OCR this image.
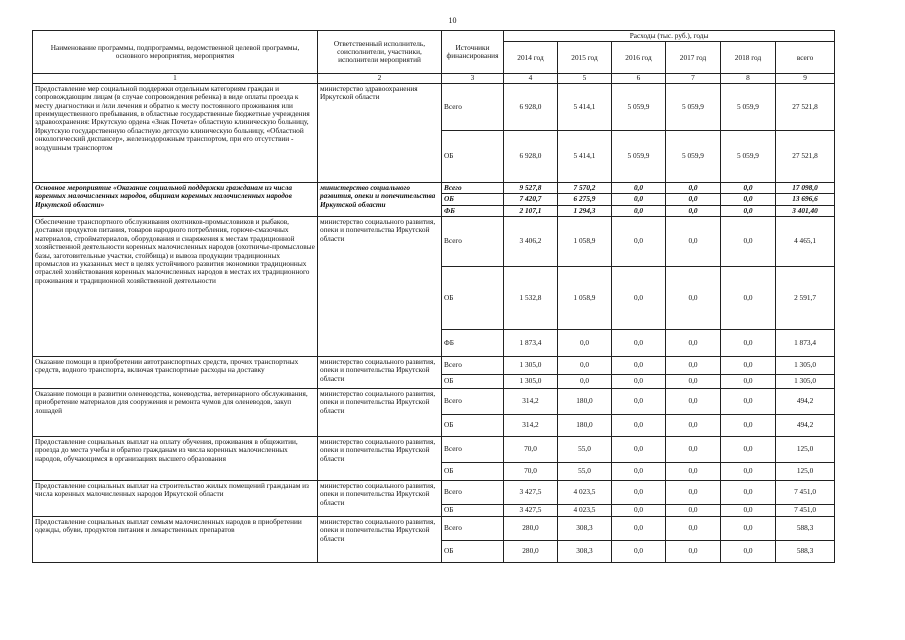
10
Наименование программы, подпрограммы, ведомственной целевой программы, основного мероприятия, мероприятия	Ответственный исполнитель, соисполнители, участники, исполнители мероприятий	Источники финансирования	Расходы (тыс. руб.), годы					
			2014 год	2015 год	2016 год	2017 год	2018 год	всего
1	2	3	4	5	6	7	8	9
Предоставление мер социальной поддержки отдельным категориям граждан и сопровождающим лицам (в случае сопровождения ребенка) в виде оплаты проезда к месту диагностики и /или лечения и обратно к месту постоянного проживания или преимущественного пребывания, в областные государственные бюджетные учреждения здравоохранения: Иркутскую ордена «Знак Почета» областную клиническую больницу, Иркутскую государственную областную детскую клиническую больницу, «Областной онкологический диспансер», железнодорожным транспортом, при его отсутствии - воздушным транспортом	министерство здравоохранения Иркутской области	Всего	6 928,0	5 414,1	5 059,9	5 059,9	5 059,9	27 521,8
		ОБ	6 928,0	5 414,1	5 059,9	5 059,9	5 059,9	27 521,8
Основное мероприятие «Оказание социальной поддержки гражданам из числа коренных малочисленных народов, общинам коренных малочисленных народов Иркутской области»	министерство социального развития, опеки и попечительства Иркутской области	Всего	9 527,8	7 570,2	0,0	0,0	0,0	17 098,0
		ОБ	7 420,7	6 275,9	0,0	0,0	0,0	13 696,6
		ФБ	2 107,1	1 294,3	0,0	0,0	0,0	3 401,40
Обеспечение транспортного обслуживания охотников-промысловиков и рыбаков, доставки продуктов питания, товаров народного потребления, горюче-смазочных материалов, стройматериалов, оборудования и снаряжения к местам традиционной хозяйственной деятельности коренных малочисленных народов (охотничье-промысловые базы, заготовительные участки, стойбища) и вывоза продукции традиционных промыслов из указанных мест в целях устойчивого развития экономики традиционных отраслей хозяйствования коренных малочисленных народов в местах их традиционного проживания и традиционной хозяйственной деятельности	министерство социального развития, опеки и попечительства Иркутской области	Всего	3 406,2	1 058,9	0,0	0,0	0,0	4 465,1
		ОБ	1 532,8	1 058,9	0,0	0,0	0,0	2 591,7
		ФБ	1 873,4	0,0	0,0	0,0	0,0	1 873,4
Оказание помощи в приобретении автотранспортных средств, прочих транспортных средств, водного транспорта, включая транспортные расходы на доставку	министерство социального развития, опеки и попечительства Иркутской области	Всего	1 305,0	0,0	0,0	0,0	0,0	1 305,0
		ОБ	1 305,0	0,0	0,0	0,0	0,0	1 305,0
Оказание помощи в развитии оленеводства, коневодства, ветеринарного обслуживания, приобретение материалов для сооружения и ремонта чумов для оленеводов, закуп лошадей	министерство социального развития, опеки и попечительства Иркутской области	Всего	314,2	180,0	0,0	0,0	0,0	494,2
		ОБ	314,2	180,0	0,0	0,0	0,0	494,2
Предоставление социальных выплат на оплату обучения, проживания в общежитии, проезда до места учебы и обратно гражданам из числа коренных малочисленных народов, обучающимся в организациях высшего образования	министерство социального развития, опеки и попечительства Иркутской области	Всего	70,0	55,0	0,0	0,0	0,0	125,0
		ОБ	70,0	55,0	0,0	0,0	0,0	125,0
Предоставление социальных выплат на строительство жилых помещений гражданам из числа коренных малочисленных народов Иркутской области	министерство социального развития, опеки и попечительства Иркутской области	Всего	3 427,5	4 023,5	0,0	0,0	0,0	7 451,0
		ОБ	3 427,5	4 023,5	0,0	0,0	0,0	7 451,0
Предоставление социальных выплат семьям малочисленных народов в приобретении одежды, обуви, продуктов питания и лекарственных препаратов	министерство социального развития, опеки и попечительства Иркутской области	Всего	280,0	308,3	0,0	0,0	0,0	588,3
		ОБ	280,0	308,3	0,0	0,0	0,0	588,3
